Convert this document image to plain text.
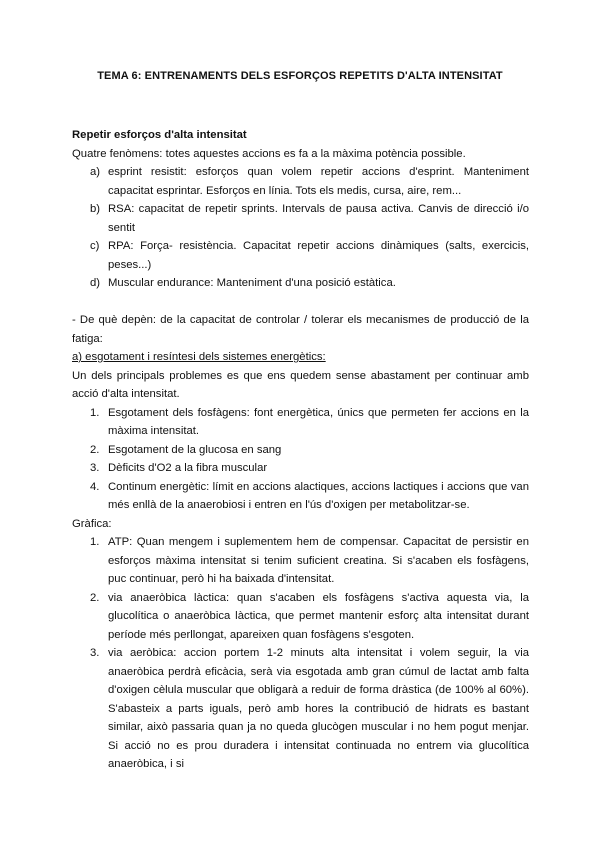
TEMA 6: ENTRENAMENTS DELS ESFORÇOS REPETITS D'ALTA INTENSITAT

Repetir esforços d'alta intensitat

Quatre fenòmens: totes aquestes accions es fa a la màxima potència possible.

a) esprint resistit: esforços quan volem repetir accions d'esprint. Manteniment capacitat esprintar. Esforços en línia. Tots els medis, cursa, aire, rem...
b) RSA: capacitat de repetir sprints. Intervals de pausa activa. Canvis de direcció i/o sentit
c) RPA: Força- resistència. Capacitat repetir accions dinàmiques (salts, exercicis, peses...)
d) Muscular endurance: Manteniment d'una posició estàtica.

- De què depèn: de la capacitat de controlar / tolerar els mecanismes de producció de la fatiga:

a) esgotament i resíntesi dels sistemes energètics:

Un dels principals problemes es que ens quedem sense abastament per continuar amb acció d'alta intensitat.

1. Esgotament dels fosfàgens: font energètica, únics que permeten fer accions en la màxima intensitat.
2. Esgotament de la glucosa en sang
3. Dèficits d'O2 a la fibra muscular
4. Continum energètic: límit en accions alactiques, accions lactiques i accions que van més enllà de la anaerobiosi i entren en l'ús d'oxigen per metabolitzar-se.

Gràfica:

1. ATP: Quan mengem i suplementem hem de compensar. Capacitat de persistir en esforços màxima intensitat si tenim suficient creatina. Si s'acaben els fosfàgens, puc continuar, però hi ha baixada d'intensitat.
2. via anaeròbica làctica: quan s'acaben els fosfàgens s'activa aquesta via, la glucolítica o anaeròbica làctica, que permet mantenir esforç alta intensitat durant període més perllongat, apareixen quan fosfàgens s'esgoten.
3. via aeròbica: accion portem 1-2 minuts alta intensitat i volem seguir, la via anaeròbica perdrà eficàcia, serà via esgotada amb gran cúmul de lactat amb falta d'oxigen cèlula muscular que obligarà a reduir de forma dràstica (de 100% al 60%). S'abasteix a parts iguals, però amb hores la contribució de hidrats es bastant similar, això passaria quan ja no queda glucògen muscular i no hem pogut menjar. Si acció no es prou duradera i intensitat continuada no entrem via glucolítica anaeròbica, i si
